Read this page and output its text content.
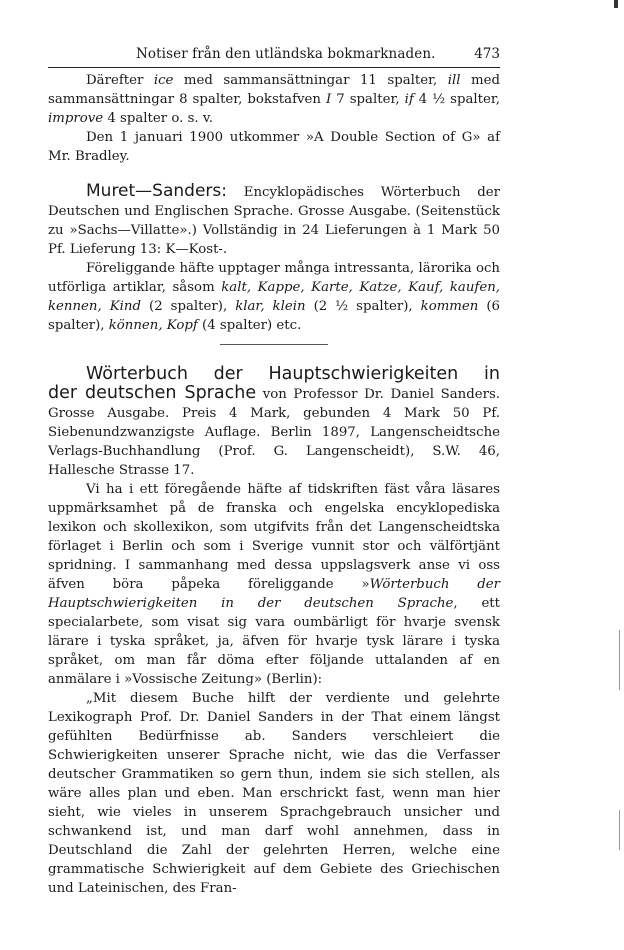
Notiser från den utländska bokmarknaden.	473

Därefter ice med sammansättningar 11 spalter, ill med sammansättningar 8 spalter, bokstafven I 7 spalter, if 4 ½ spalter, improve 4 spalter o. s. v.

Den 1 januari 1900 utkommer »A Double Section of G» af Mr. Bradley.

Muret—Sanders: Encyklopädisches Wörterbuch der Deutschen und Englischen Sprache. Grosse Ausgabe. (Seitenstück zu »Sachs—Villatte».) Vollständig in 24 Lieferungen à 1 Mark 50 Pf. Lieferung 13: K—Kost-.

Föreliggande häfte upptager många intressanta, lärorika och utförliga artiklar, såsom kalt, Kappe, Karte, Katze, Kauf, kaufen, kennen, Kind (2 spalter), klar, klein (2 ½ spalter), kommen (6 spalter), können, Kopf (4 spalter) etc.

Wörterbuch der Hauptschwierigkeiten in

der deutschen Sprache von Professor Dr. Daniel Sanders. Grosse Ausgabe. Preis 4 Mark, gebunden 4 Mark 50 Pf. Siebenundzwanzigste Auflage. Berlin 1897, Langenscheidtsche Verlags-Buchhandlung (Prof. G. Langenscheidt), S.W. 46, Hallesche Strasse 17.

Vi ha i ett föregående häfte af tidskriften fäst våra läsares uppmärksamhet på de franska och engelska encyklopediska lexikon och skollexikon, som utgifvits från det Langenscheidtska förlaget i Berlin och som i Sverige vunnit stor och välförtjänt spridning. I sammanhang med dessa uppslagsverk anse vi oss äfven böra påpeka föreliggande »Wörterbuch der Hauptschwierigkeiten in der deutschen Sprache, ett specialarbete, som visat sig vara oumbärligt för hvarje svensk lärare i tyska språket, ja, äfven för hvarje tysk lärare i tyska språket, om man får döma efter följande uttalanden af en anmälare i »Vossische Zeitung» (Berlin):

„Mit diesem Buche hilft der verdiente und gelehrte Lexikograph Prof. Dr. Daniel Sanders in der That einem längst gefühlten Bedürfnisse ab. Sanders verschleiert die Schwierigkeiten unserer Sprache nicht, wie das die Verfasser deutscher Grammatiken so gern thun, indem sie sich stellen, als wäre alles plan und eben. Man erschrickt fast, wenn man hier sieht, wie vieles in unserem Sprachgebrauch unsicher und schwankend ist, und man darf wohl annehmen, dass in Deutschland die Zahl der gelehrten Herren, welche eine grammatische Schwierigkeit auf dem Gebiete des Griechischen und Lateinischen, des Fran-
